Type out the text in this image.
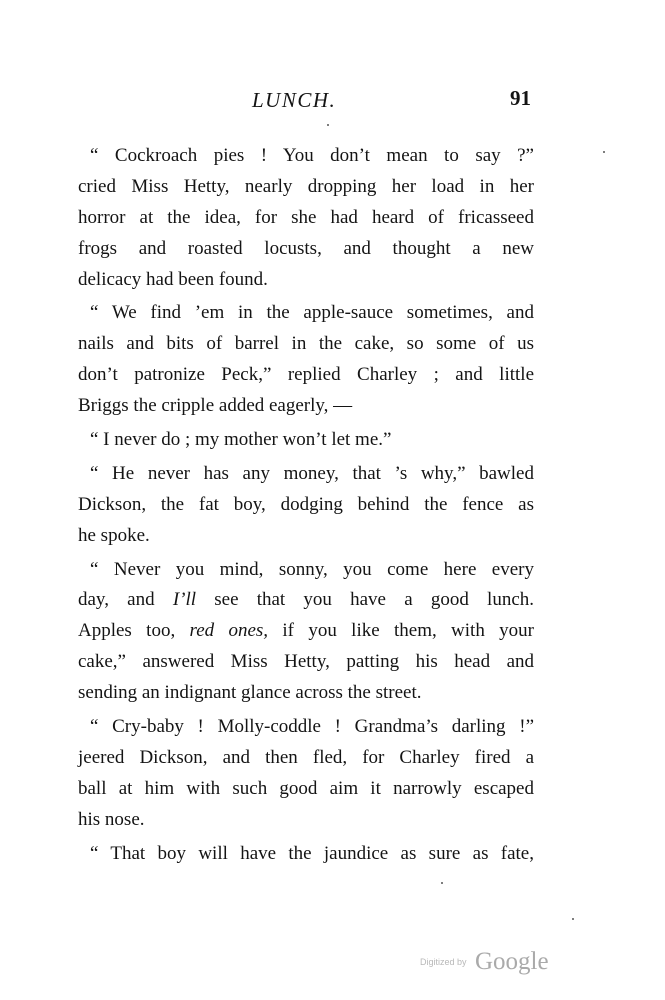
LUNCH.	91
“ Cockroach pies ! You don’t mean to say ?”
cried Miss Hetty, nearly dropping her load in her
horror at the idea, for she had heard of fricasseed
frogs and roasted locusts, and thought a new
delicacy had been found.
“ We find ’em in the apple-sauce sometimes, and
nails and bits of barrel in the cake, so some of us
don’t patronize Peck,” replied Charley ; and little
Briggs the cripple added eagerly, —
“ I never do ; my mother won’t let me.”
“ He never has any money, that ’s why,” bawled
Dickson, the fat boy, dodging behind the fence as
he spoke.
“ Never you mind, sonny, you come here every
day, and I’ll see that you have a good lunch.
Apples too, red ones, if you like them, with your
cake,” answered Miss Hetty, patting his head and
sending an indignant glance across the street.
“ Cry-baby ! Molly-coddle ! Grandma’s darling !”
jeered Dickson, and then fled, for Charley fired a
ball at him with such good aim it narrowly escaped
his nose.
“ That boy will have the jaundice as sure as fate,
Digitized by Google
